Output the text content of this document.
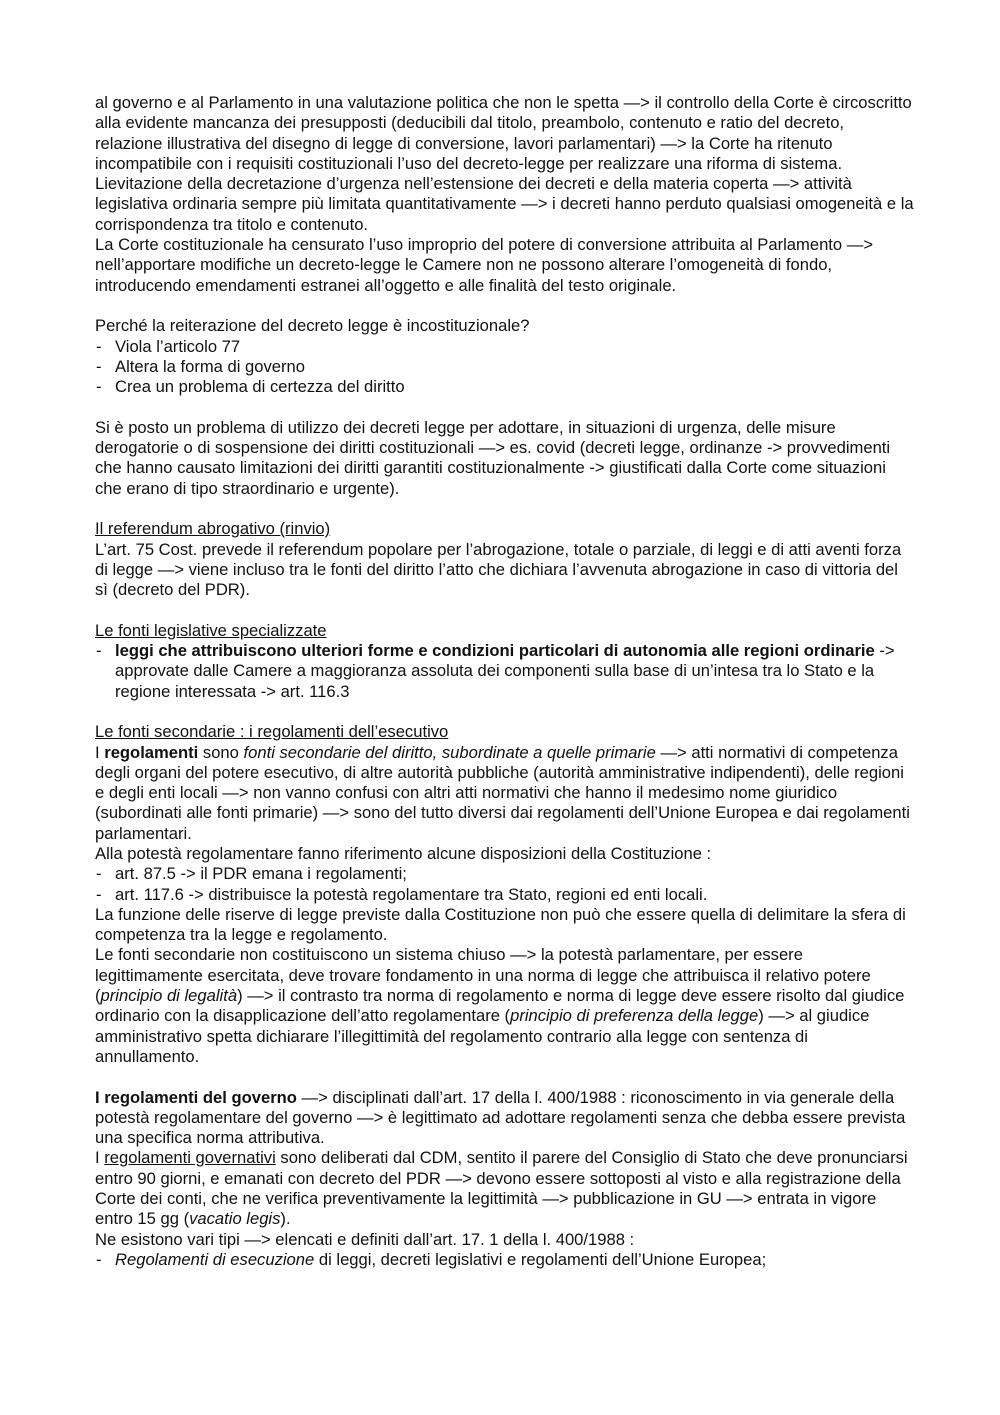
al governo e al Parlamento in una valutazione politica che non le spetta —> il controllo della Corte è circoscritto alla evidente mancanza dei presupposti (deducibili dal titolo, preambolo, contenuto e ratio del decreto, relazione illustrativa del disegno di legge di conversione, lavori parlamentari) —> la Corte ha ritenuto incompatibile con i requisiti costituzionali l’uso del decreto-legge per realizzare una riforma di sistema.

Lievitazione della decretazione d’urgenza nell’estensione dei decreti e della materia coperta —> attività legislativa ordinaria sempre più limitata quantitativamente —> i decreti hanno perduto qualsiasi omogeneità e la corrispondenza tra titolo e contenuto.

La Corte costituzionale ha censurato l’uso improprio del potere di conversione attribuita al Parlamento —> nell’apportare modifiche un decreto-legge le Camere non ne possono alterare l’omogeneità di fondo, introducendo emendamenti estranei all’oggetto e alle finalità del testo originale.

Perché la reiterazione del decreto legge è incostituzionale?

- Viola l’articolo 77
- Altera la forma di governo
- Crea un problema di certezza del diritto

Si è posto un problema di utilizzo dei decreti legge per adottare, in situazioni di urgenza, delle misure derogatorie o di sospensione dei diritti costituzionali —> es. covid (decreti legge, ordinanze -> provvedimenti che hanno causato limitazioni dei diritti garantiti costituzionalmente -> giustificati dalla Corte come situazioni che erano di tipo straordinario e urgente).

Il referendum abrogativo (rinvio)

L’art. 75 Cost. prevede il referendum popolare per l’abrogazione, totale o parziale, di leggi e di atti aventi forza di legge —> viene incluso tra le fonti del diritto l’atto che dichiara l’avvenuta abrogazione in caso di vittoria del sì (decreto del PDR).

Le fonti legislative specializzate

- leggi che attribuiscono ulteriori forme e condizioni particolari di autonomia alle regioni ordinarie -> approvate dalle Camere a maggioranza assoluta dei componenti sulla base di un’intesa tra lo Stato e la regione interessata -> art. 116.3

Le fonti secondarie : i regolamenti dell’esecutivo

I regolamenti sono fonti secondarie del diritto, subordinate a quelle primarie —> atti normativi di competenza degli organi del potere esecutivo, di altre autorità pubbliche (autorità amministrative indipendenti), delle regioni e degli enti locali —> non vanno confusi con altri atti normativi che hanno il medesimo nome giuridico (subordinati alle fonti primarie) —> sono del tutto diversi dai regolamenti dell’Unione Europea e dai regolamenti parlamentari.

Alla potestà regolamentare fanno riferimento alcune disposizioni della Costituzione :

- art. 87.5 -> il PDR emana i regolamenti;
- art. 117.6 -> distribuisce la potestà regolamentare tra Stato, regioni ed enti locali.

La funzione delle riserve di legge previste dalla Costituzione non può che essere quella di delimitare la sfera di competenza tra la legge e regolamento.

Le fonti secondarie non costituiscono un sistema chiuso —> la potestà parlamentare, per essere legittimamente esercitata, deve trovare fondamento in una norma di legge che attribuisca il relativo potere (principio di legalità) —> il contrasto tra norma di regolamento e norma di legge deve essere risolto dal giudice ordinario con la disapplicazione dell’atto regolamentare (principio di preferenza della legge) —> al giudice amministrativo spetta dichiarare l’illegittimità del regolamento contrario alla legge con sentenza di annullamento.

I regolamenti del governo —> disciplinati dall’art. 17 della l. 400/1988 : riconoscimento in via generale della potestà regolamentare del governo —> è legittimato ad adottare regolamenti senza che debba essere prevista una specifica norma attributiva.

I regolamenti governativi sono deliberati dal CDM, sentito il parere del Consiglio di Stato che deve pronunciarsi entro 90 giorni, e emanati con decreto del PDR —> devono essere sottoposti al visto e alla registrazione della Corte dei conti, che ne verifica preventivamente la legittimità —> pubblicazione in GU —> entrata in vigore entro 15 gg (vacatio legis).

Ne esistono vari tipi —> elencati e definiti dall’art. 17. 1 della l. 400/1988 :

- Regolamenti di esecuzione di leggi, decreti legislativi e regolamenti dell’Unione Europea;
